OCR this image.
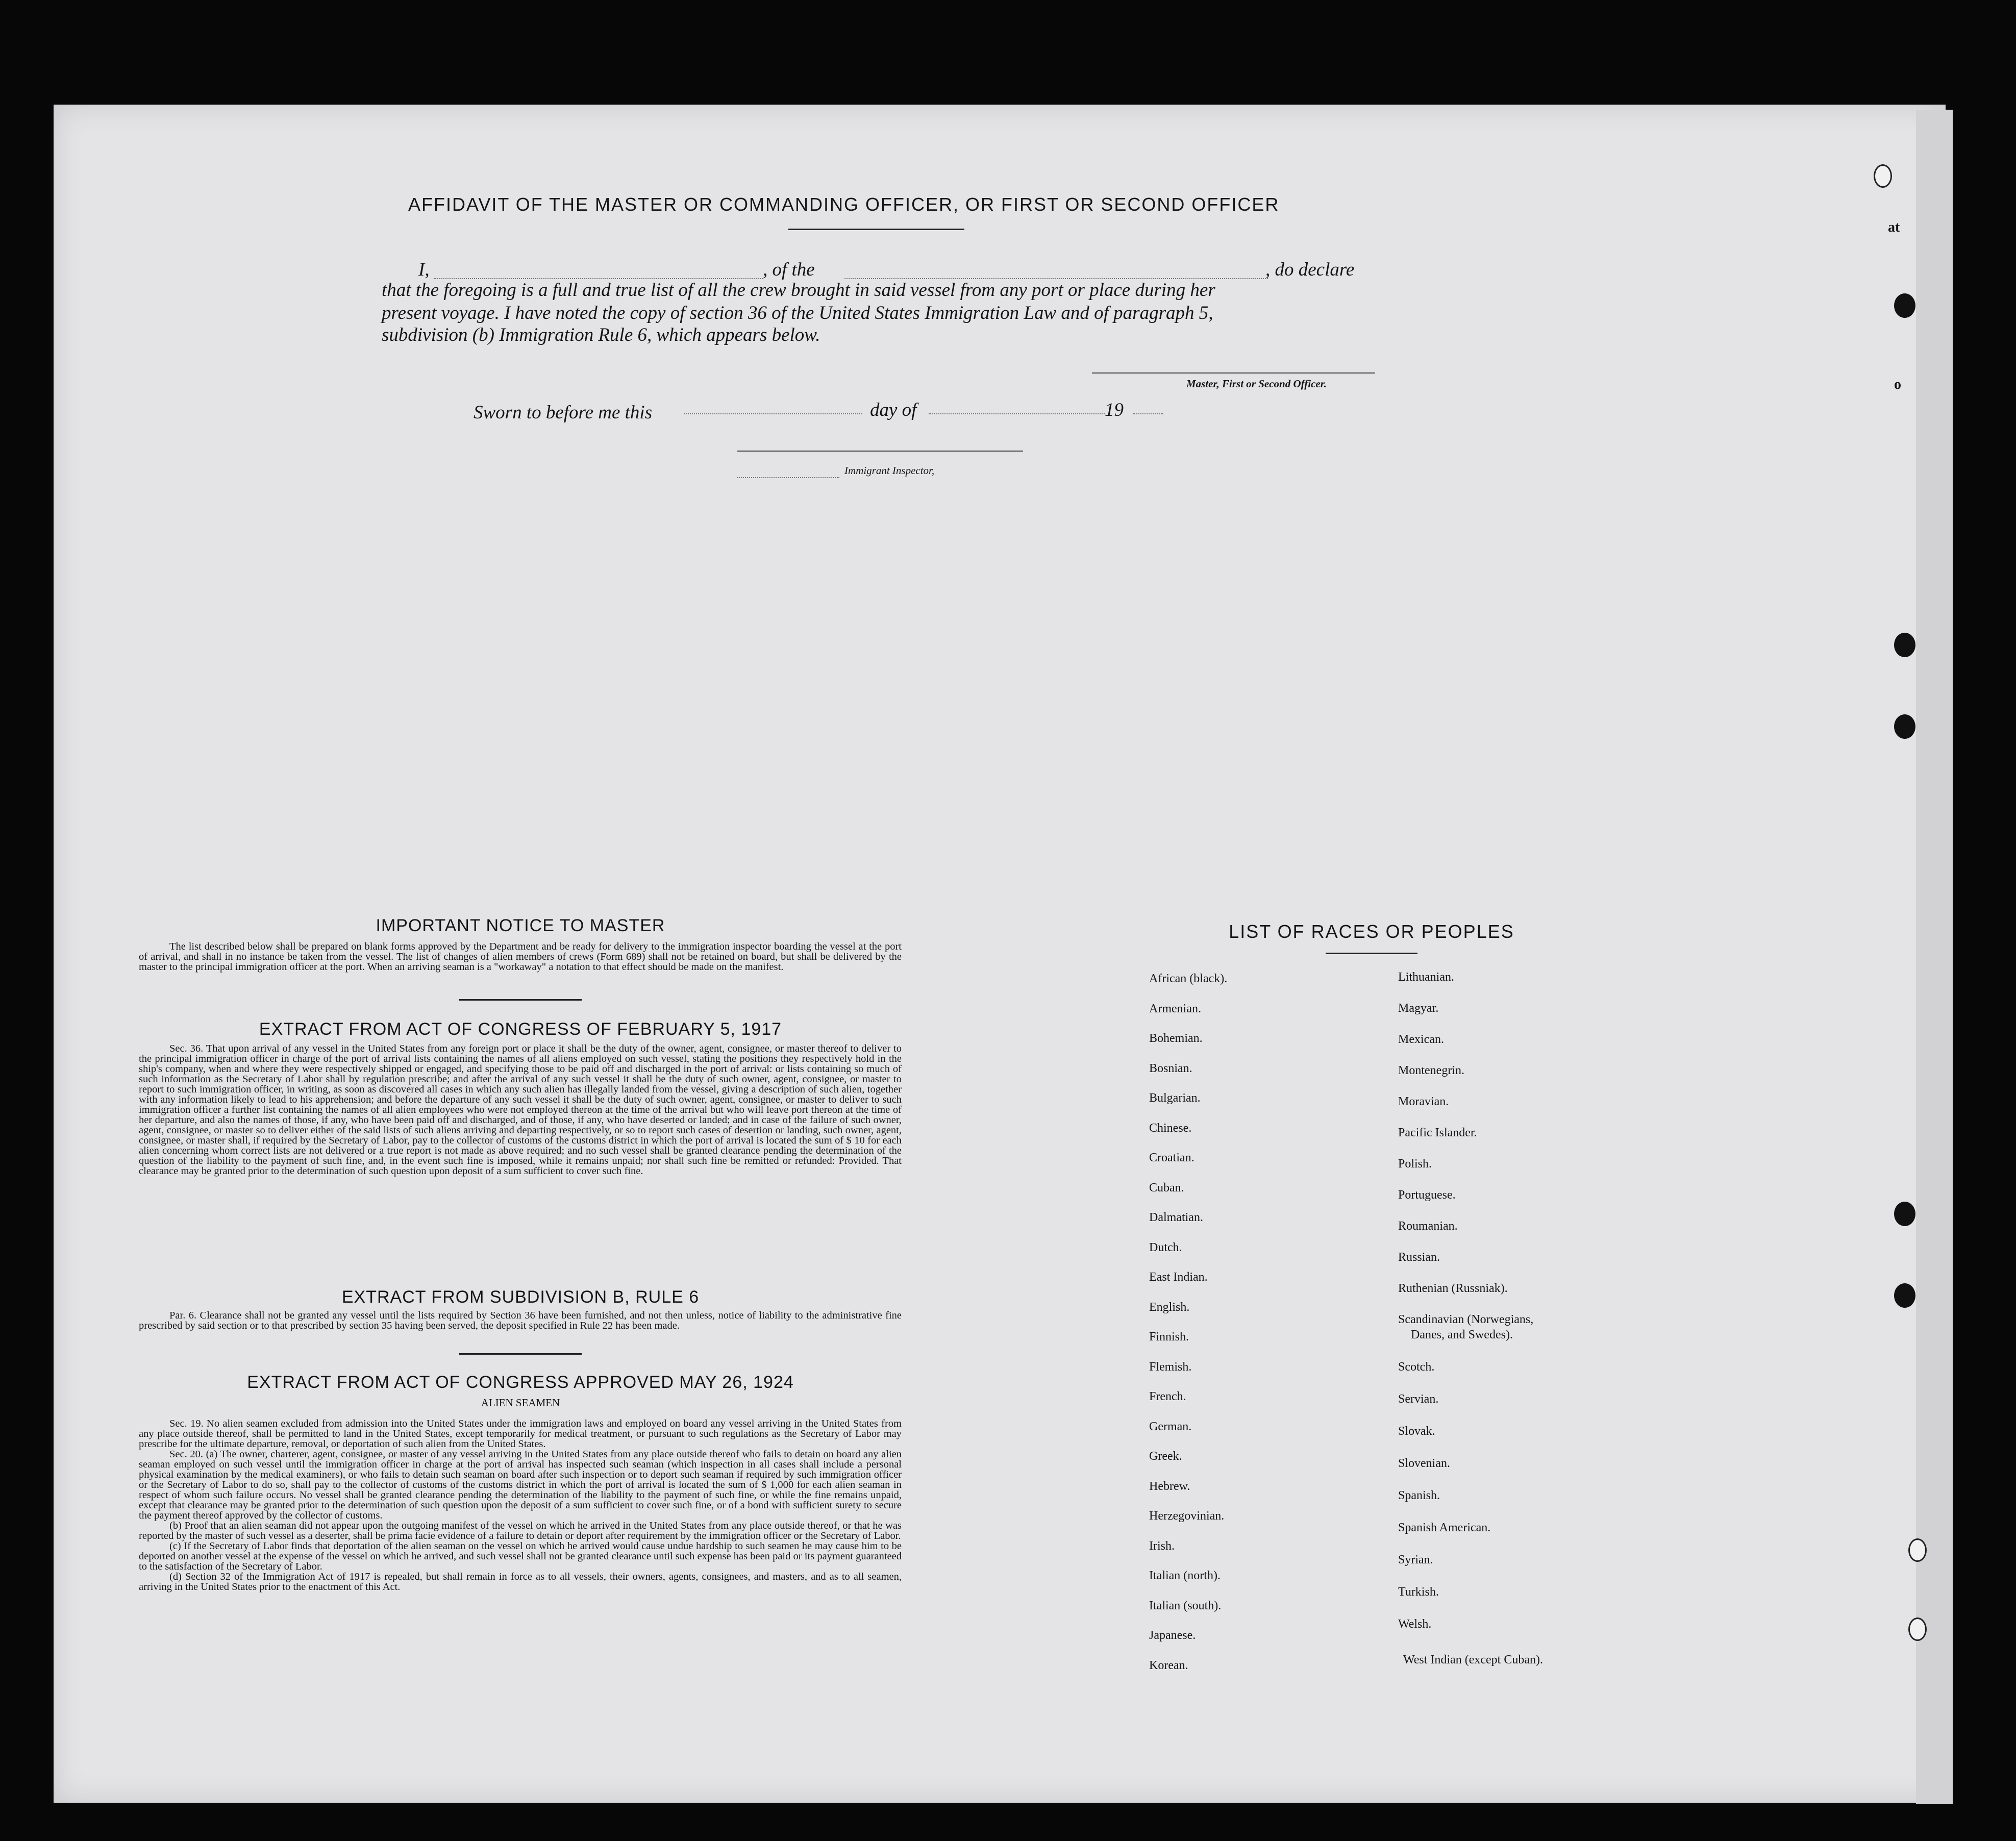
at
o
AFFIDAVIT OF THE MASTER OR COMMANDING OFFICER, OR FIRST OR SECOND OFFICER
I,	, of the	, do declare
that the foregoing is a full and true list of all the crew brought in said vessel from any port or place during her
present voyage. I have noted the copy of section 36 of the United States Immigration Law and of paragraph 5,
subdivision (b) Immigration Rule 6, which appears below.
Master, First or Second Officer.
Sworn to before me this	day of	19
Immigrant Inspector,
IMPORTANT NOTICE TO MASTER

The list described below shall be prepared on blank forms approved by the Department and be ready for delivery to the immigration inspector boarding the vessel at the port of arrival, and shall in no instance be taken from the vessel. The list of changes of alien members of crews (Form 689) shall not be retained on board, but shall be delivered by the master to the principal immigration officer at the port. When an arriving seaman is a "workaway" a notation to that effect should be made on the manifest.

EXTRACT FROM ACT OF CONGRESS OF FEBRUARY 5, 1917

Sec. 36. That upon arrival of any vessel in the United States from any foreign port or place it shall be the duty of the owner, agent, consignee, or master thereof to deliver to the principal immigration officer in charge of the port of arrival lists containing the names of all aliens employed on such vessel, stating the positions they respectively hold in the ship's company, when and where they were respectively shipped or engaged, and specifying those to be paid off and discharged in the port of arrival: or lists containing so much of such information as the Secretary of Labor shall by regulation prescribe; and after the arrival of any such vessel it shall be the duty of such owner, agent, consignee, or master to report to such immigration officer, in writing, as soon as discovered all cases in which any such alien has illegally landed from the vessel, giving a description of such alien, together with any information likely to lead to his apprehension; and before the departure of any such vessel it shall be the duty of such owner, agent, consignee, or master to deliver to such immigration officer a further list containing the names of all alien employees who were not employed thereon at the time of the arrival but who will leave port thereon at the time of her departure, and also the names of those, if any, who have been paid off and discharged, and of those, if any, who have deserted or landed; and in case of the failure of such owner, agent, consignee, or master so to deliver either of the said lists of such aliens arriving and departing respectively, or so to report such cases of desertion or landing, such owner, agent, consignee, or master shall, if required by the Secretary of Labor, pay to the collector of customs of the customs district in which the port of arrival is located the sum of $ 10 for each alien concerning whom correct lists are not delivered or a true report is not made as above required; and no such vessel shall be granted clearance pending the determination of the question of the liability to the payment of such fine, and, in the event such fine is imposed, while it remains unpaid; nor shall such fine be remitted or refunded: Provided. That clearance may be granted prior to the determination of such question upon deposit of a sum sufficient to cover such fine.

EXTRACT FROM SUBDIVISION B, RULE 6

Par. 6. Clearance shall not be granted any vessel until the lists required by Section 36 have been furnished, and not then unless, notice of liability to the administrative fine prescribed by said section or to that prescribed by section 35 having been served, the deposit specified in Rule 22 has been made.

EXTRACT FROM ACT OF CONGRESS APPROVED MAY 26, 1924
ALIEN SEAMEN

Sec. 19. No alien seamen excluded from admission into the United States under the immigration laws and employed on board any vessel arriving in the United States from any place outside thereof, shall be permitted to land in the United States, except temporarily for medical treatment, or pursuant to such regulations as the Secretary of Labor may prescribe for the ultimate departure, removal, or deportation of such alien from the United States.

Sec. 20. (a) The owner, charterer, agent, consignee, or master of any vessel arriving in the United States from any place outside thereof who fails to detain on board any alien seaman employed on such vessel until the immigration officer in charge at the port of arrival has inspected such seaman (which inspection in all cases shall include a personal physical examination by the medical examiners), or who fails to detain such seaman on board after such inspection or to deport such seaman if required by such immigration officer or the Secretary of Labor to do so, shall pay to the collector of customs of the customs district in which the port of arrival is located the sum of $ 1,000 for each alien seaman in respect of whom such failure occurs. No vessel shall be granted clearance pending the determination of the liability to the payment of such fine, or while the fine remains unpaid, except that clearance may be granted prior to the determination of such question upon the deposit of a sum sufficient to cover such fine, or of a bond with sufficient surety to secure the payment thereof approved by the collector of customs.

(b) Proof that an alien seaman did not appear upon the outgoing manifest of the vessel on which he arrived in the United States from any place outside thereof, or that he was reported by the master of such vessel as a deserter, shall be prima facie evidence of a failure to detain or deport after requirement by the immigration officer or the Secretary of Labor.

(c) If the Secretary of Labor finds that deportation of the alien seaman on the vessel on which he arrived would cause undue hardship to such seamen he may cause him to be deported on another vessel at the expense of the vessel on which he arrived, and such vessel shall not be granted clearance until such expense has been paid or its payment guaranteed to the satisfaction of the Secretary of Labor.

(d) Section 32 of the Immigration Act of 1917 is repealed, but shall remain in force as to all vessels, their owners, agents, consignees, and masters, and as to all seamen, arriving in the United States prior to the enactment of this Act.

LIST OF RACES OR PEOPLES
African (black).
Armenian.
Bohemian.
Bosnian.
Bulgarian.
Chinese.
Croatian.
Cuban.
Dalmatian.
Dutch.
East Indian.
English.
Finnish.
Flemish.
French.
German.
Greek.
Hebrew.
Herzegovinian.
Irish.
Italian (north).
Italian (south).
Japanese.
Korean.
Lithuanian.
Magyar.
Mexican.
Montenegrin.
Moravian.
Pacific Islander.
Polish.
Portuguese.
Roumanian.
Russian.
Ruthenian (Russniak).
Scandinavian (Norwegians,
Danes, and Swedes).
Scotch.
Servian.
Slovak.
Slovenian.
Spanish.
Spanish American.
Syrian.
Turkish.
Welsh.
West Indian (except Cuban).
